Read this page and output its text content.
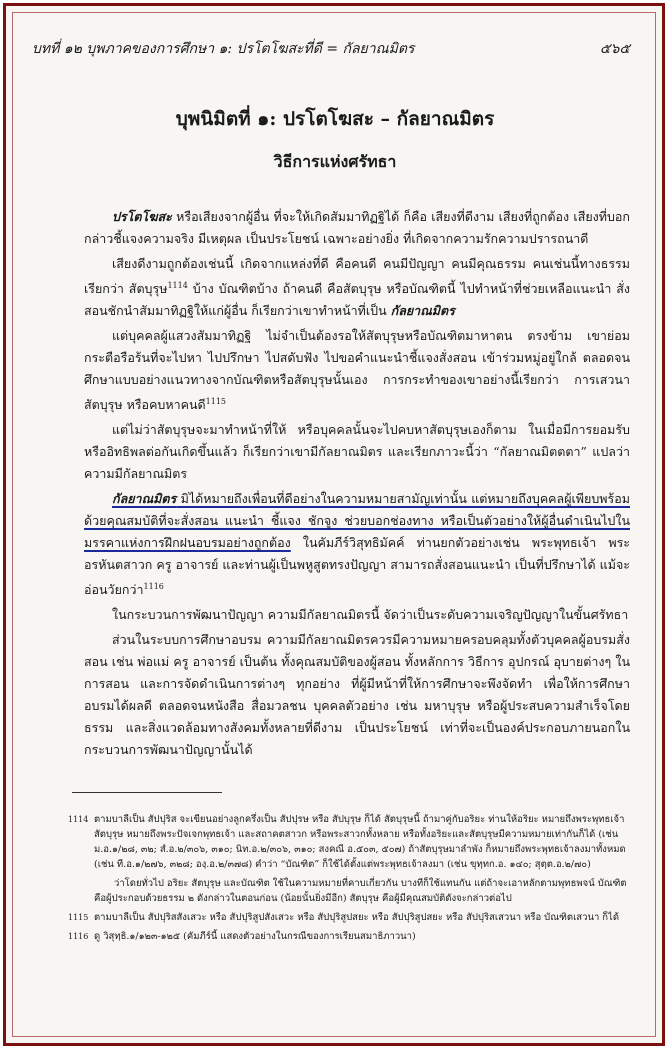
บทที่ ๑๒ บุพภาคของการศึกษา ๑: ปรโตโฆสะที่ดี = กัลยาณมิตร	๕๖๕
บุพนิมิตที่ ๑: ปรโตโฆสะ – กัลยาณมิตร
วิธีการแห่งศรัทธา

ปรโตโฆสะ หรือเสียงจากผู้อื่น ที่จะให้เกิดสัมมาทิฏฐิได้ ก็คือ เสียงที่ดีงาม เสียงที่ถูกต้อง เสียงที่บอกกล่าวชี้แจงความจริง มีเหตุผล เป็นประโยชน์ เฉพาะอย่างยิ่ง ที่เกิดจากความรักความปรารถนาดี

เสียงดีงามถูกต้องเช่นนี้ เกิดจากแหล่งที่ดี คือคนดี คนมีปัญญา คนมีคุณธรรม คนเช่นนี้ทางธรรมเรียกว่า สัตบุรุษ$^{1114}$ บ้าง บัณฑิตบ้าง ถ้าคนดี คือสัตบุรุษ หรือบัณฑิตนี้ ไปทำหน้าที่ช่วยเหลือแนะนำ สั่งสอนชักนำสัมมาทิฏฐิให้แก่ผู้อื่น ก็เรียกว่าเขาทำหน้าที่เป็น กัลยาณมิตร

แต่บุคคลผู้แสวงสัมมาทิฏฐิ ไม่จำเป็นต้องรอให้สัตบุรุษหรือบัณฑิตมาหาตน ตรงข้าม เขาย่อมกระตือรือร้นที่จะไปหา ไปปรึกษา ไปสดับฟัง ไปขอคำแนะนำชี้แจงสั่งสอน เข้าร่วมหมู่อยู่ใกล้ ตลอดจนศึกษาแบบอย่างแนวทางจากบัณฑิตหรือสัตบุรุษนั้นเอง การกระทำของเขาอย่างนี้เรียกว่า การเสวนาสัตบุรุษ หรือคบหาคนดี$^{1115}$

แต่ไม่ว่าสัตบุรุษจะมาทำหน้าที่ให้ หรือบุคคลนั้นจะไปคบหาสัตบุรุษเองก็ตาม ในเมื่อมีการยอมรับหรืออิทธิพลต่อกันเกิดขึ้นแล้ว ก็เรียกว่าเขามีกัลยาณมิตร และเรียกภาวะนี้ว่า “กัลยาณมิตตตา” แปลว่า ความมีกัลยาณมิตร

กัลยาณมิตร มิได้หมายถึงเพื่อนที่ดีอย่างในความหมายสามัญเท่านั้น แต่หมายถึงบุคคลผู้เพียบพร้อมด้วยคุณสมบัติที่จะสั่งสอน แนะนำ ชี้แจง ชักจูง ช่วยบอกช่องทาง หรือเป็นตัวอย่างให้ผู้อื่นดำเนินไปในมรรคาแห่งการฝึกฝนอบรมอย่างถูกต้อง ในคัมภีร์วิสุทธิมัคค์ ท่านยกตัวอย่างเช่น พระพุทธเจ้า พระอรหันตสาวก ครู อาจารย์ และท่านผู้เป็นพหูสูตทรงปัญญา สามารถสั่งสอนแนะนำ เป็นที่ปรึกษาได้ แม้จะอ่อนวัยกว่า$^{1116}$

ในกระบวนการพัฒนาปัญญา ความมีกัลยาณมิตรนี้ จัดว่าเป็นระดับความเจริญปัญญาในขั้นศรัทธา

ส่วนในระบบการศึกษาอบรม ความมีกัลยาณมิตรควรมีความหมายครอบคลุมทั้งตัวบุคคลผู้อบรมสั่งสอน เช่น พ่อแม่ ครู อาจารย์ เป็นต้น ทั้งคุณสมบัติของผู้สอน ทั้งหลักการ วิธีการ อุปกรณ์ อุบายต่างๆ ในการสอน และการจัดดำเนินการต่างๆ ทุกอย่าง ที่ผู้มีหน้าที่ให้การศึกษาจะพึงจัดทำ เพื่อให้การศึกษาอบรมได้ผลดี ตลอดจนหนังสือ สื่อมวลชน บุคคลตัวอย่าง เช่น มหาบุรุษ หรือผู้ประสบความสำเร็จโดยธรรม และสิ่งแวดล้อมทางสังคมทั้งหลายที่ดีงาม เป็นประโยชน์ เท่าที่จะเป็นองค์ประกอบภายนอกในกระบวนการพัฒนาปัญญานั้นได้

1114 ตามบาลีเป็น สัปปุริส จะเขียนอย่างลูกครึ่งเป็น สัปปุรษ หรือ สัปบุรุษ ก็ได้ สัตบุรุษนี้ ถ้ามาคู่กับอริยะ ท่านให้อริยะ หมายถึงพระพุทธเจ้า สัตบุรุษ หมายถึงพระปัจเจกพุทธเจ้า และสถาคตสาวก หรือพระสาวกทั้งหลาย หรือทั้งอริยะและสัตบุรุษมีความหมายเท่ากันก็ได้ (เช่น ม.อ.๑/๒๘, ๓๒; สํ.อ.๒/๓๐๖, ๓๑๐; นิท.อ.๒/๓๐๖, ๓๑๐; สงคณี อ.๕๐๓, ๕๐๗) ถ้าสัตบุรุษมาลำพัง ก็หมายถึงพระพุทธเจ้าลงมาทั้งหมด (เช่น ที.อ.๑/๒๗๖, ๓๒๘; องฺ.อ.๒/๓๗๘) คำว่า “บัณฑิต” ก็ใช้ได้ตั้งแต่พระพุทธเจ้าลงมา (เช่น ขุทฺทก.อ. ๑๔๐; สุตฺต.อ.๒/๗๐)
ว่าโดยทั่วไป อริยะ สัตบุรุษ และบัณฑิต ใช้ในความหมายที่คาบเกี่ยวกัน บางทีก็ใช้แทนกัน แต่ถ้าจะเอาหลักตามพุทธพจน์ บัณฑิต คือผู้ประกอบด้วยธรรม ๒ ดังกล่าวในตอนก่อน (น้อยนั้นยิ่งมีอีก) สัตบุรุษ คือผู้มีคุณสมบัติดังจะกล่าวต่อไป
1115 ตามบาลีเป็น สัปปุริสสังเสวะ หรือ สัปปุริสูปสังเสวะ หรือ สัปปุริสูปสยะ หรือ สัปปุริสูปสยะ หรือ สัปปุริสเสวนา หรือ บัณฑิตเสวนา ก็ได้
1116 ดู วิสุทฺธิ.๑/๑๒๓-๑๒๕ (คัมภีร์นี้ แสดงตัวอย่างในกรณีของการเรียนสมาธิภาวนา)
